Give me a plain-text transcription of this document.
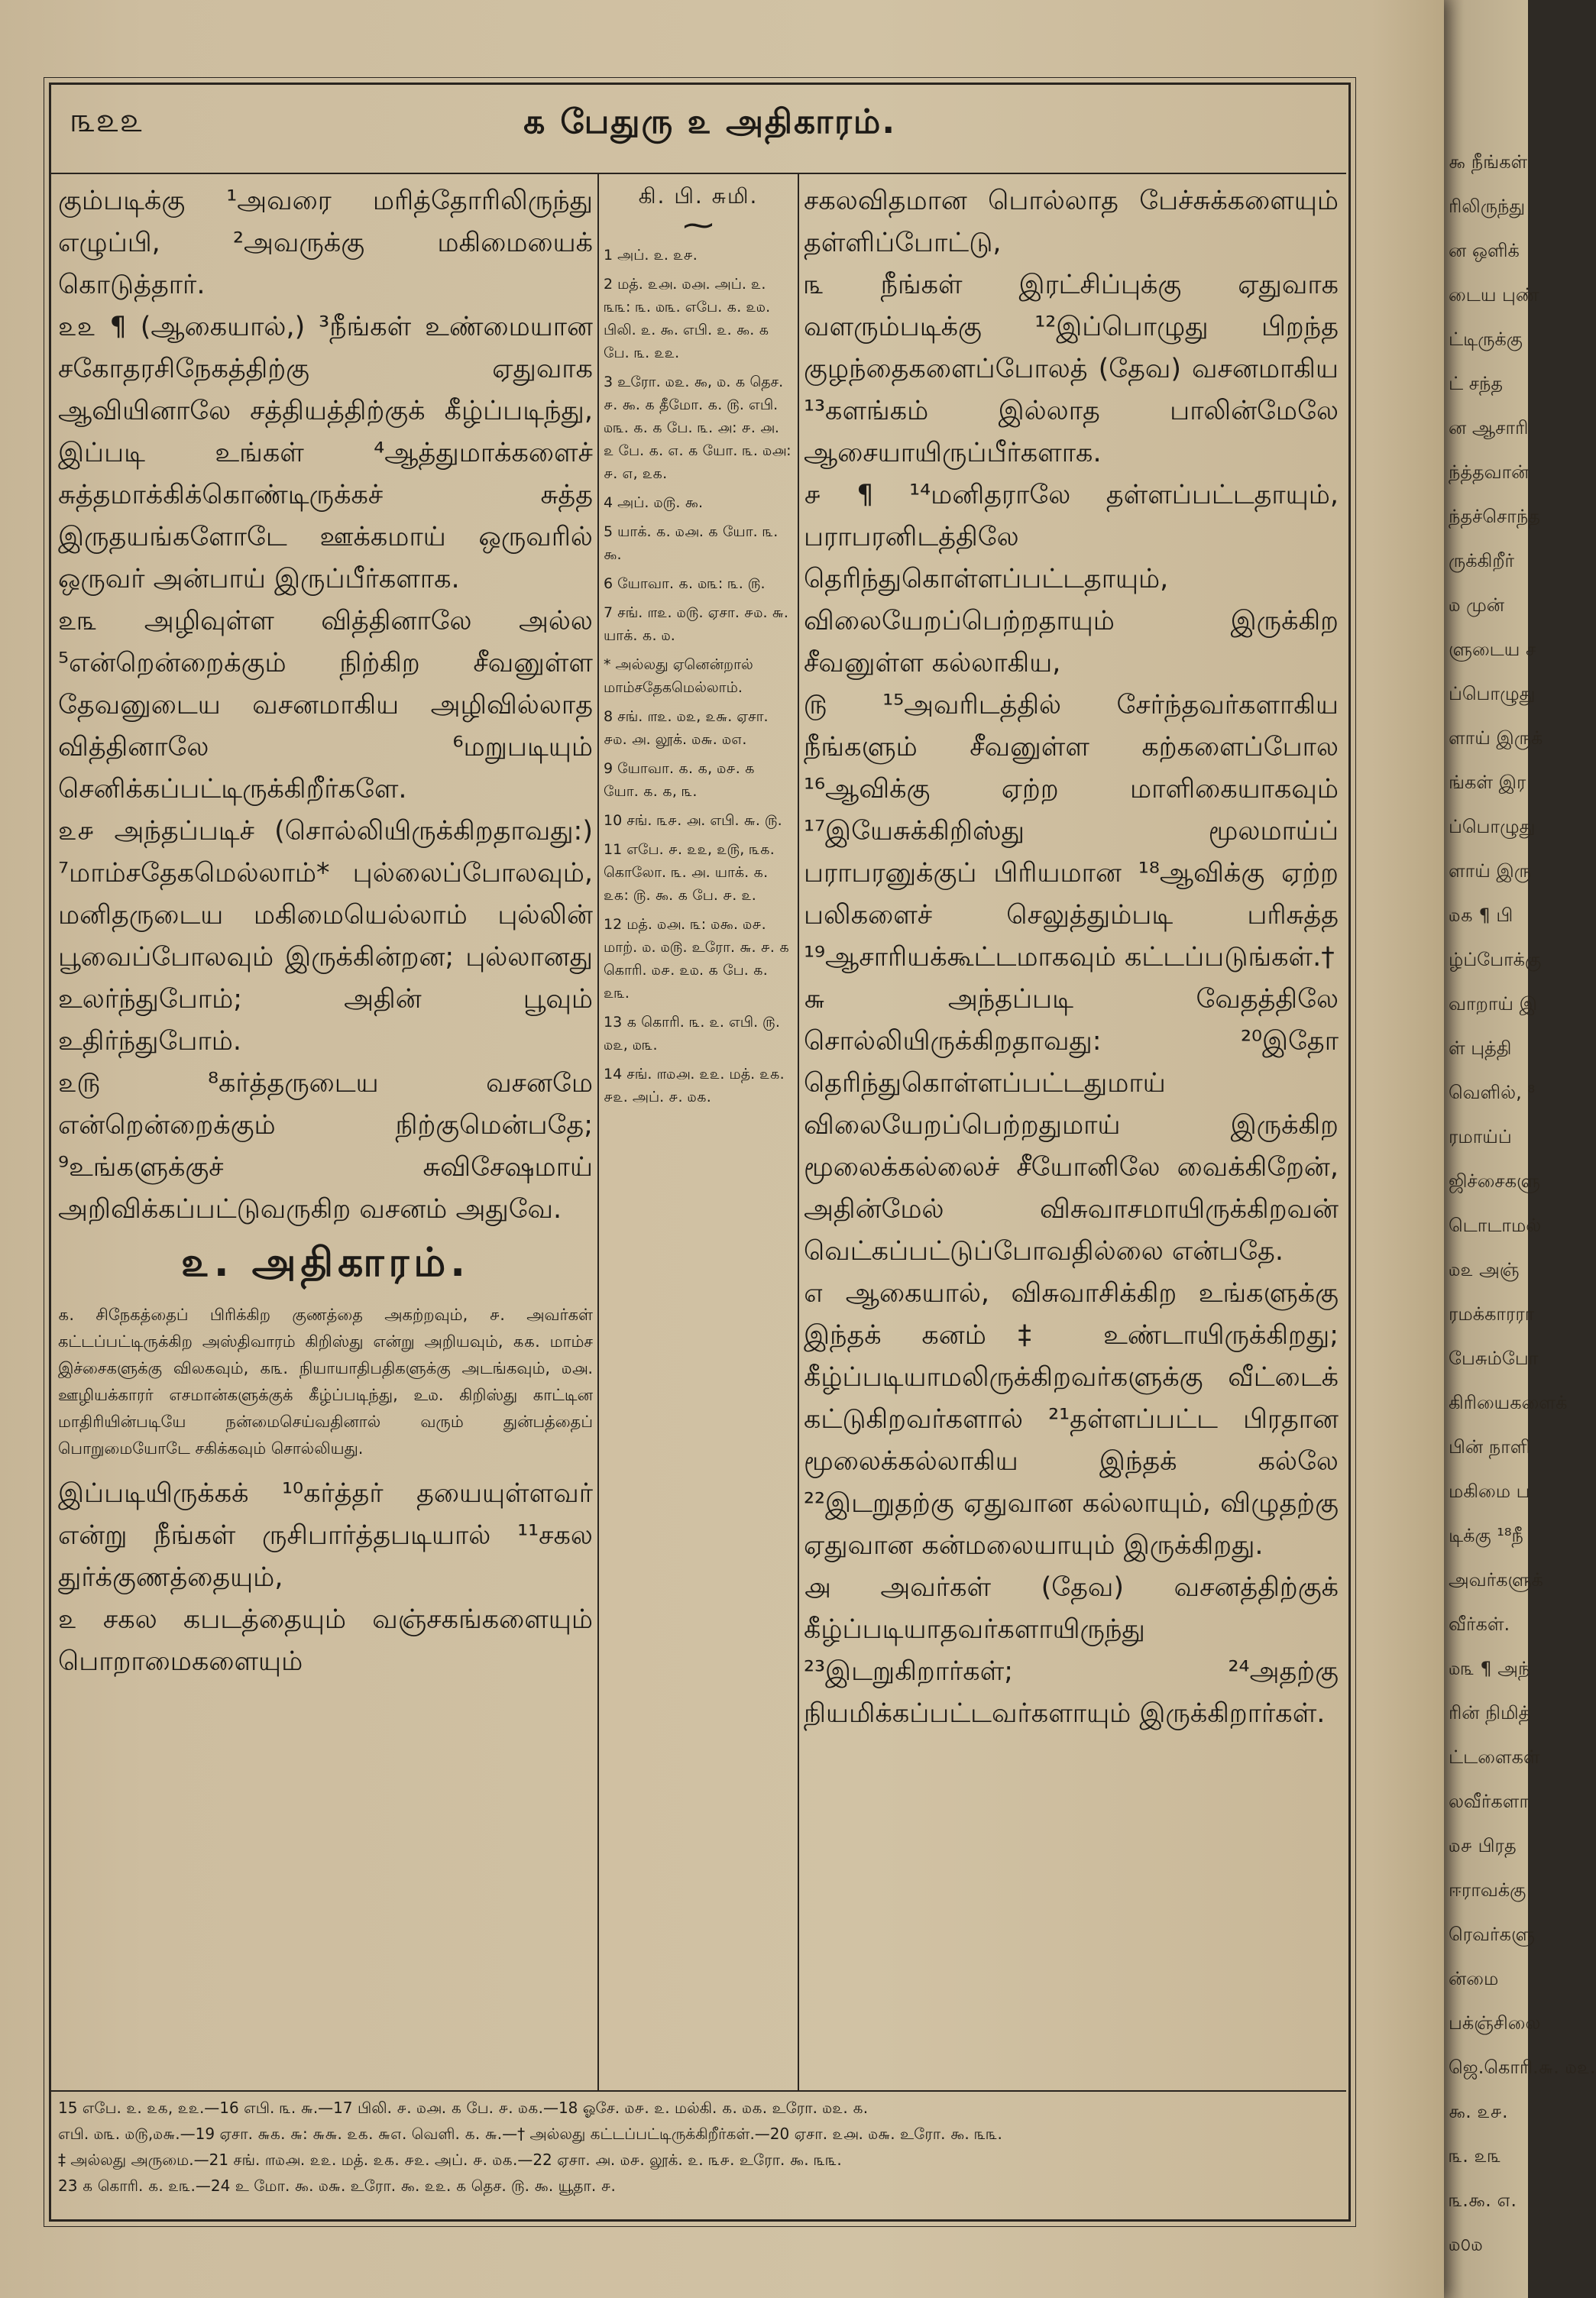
௯ நீங்கள்
ரிலிருந்து
ன ஒளிக்
டைய புண்
ட்டிருக்கு
ட் சந்த
ன ஆசாரி
ந்த்தவான்
ந்தச்சொந்த
ருக்கிறீர்
௰ முன்
ளுடைய ச
ப்பொழுது
ளாய் இருக்
ங்கள் இர
ப்பொழுது
ளாய் இரு
௰௧ ¶ பி
ழ்ப்போக்கு
வாறாய் இ
ள் புத்தி
வெளில், ⁸
ரமாய்ப்
ஜிச்சைகளு
டொடாமல்
௰௨ அஞ்
ரமக்காரரா
பேசும்போ
கிரியைகளைக்
பின் நாளி
மகிமை ப
டிக்கு ¹⁸நீ
அவர்களுக்
வீர்கள்.
௰௩ ¶ அந்
ரின் நிமித்
ட்டளைகள்
லவீர்களா
௰௪ பிரத
ஈராவக்கு
ரெவர்களு
ன்மை
பக்ஞ்சிலை
ஜெ.கொரி.௬. ௰௨.
௯. ௨௪.
௩. ௨௩
௩.௯. ௭.
௰௦௰
௩௨௨	௧ பேதுரு ௨ அதிகாரம்.

கும்படிக்கு ¹அவரை மரித்தோரிலிருந்து எழுப்பி, ²அவருக்கு மகிமையைக் கொடுத்தார்.

௨௨ ¶ (ஆகையால்,) ³நீங்கள் உண்மையான சகோதரசிநேகத்திற்கு ஏதுவாக ஆவியினாலே சத்தியத்திற்குக் கீழ்ப்படிந்து, இப்படி உங்கள் ⁴ஆத்துமாக்களைச் சுத்தமாக்கிக்கொண்டிருக்கச் சுத்த இருதயங்களோடே ஊக்கமாய் ஒருவரில் ஒருவர் அன்பாய் இருப்பீர்களாக.

௨௩ அழிவுள்ள வித்தினாலே அல்ல ⁵என்றென்றைக்கும் நிற்கிற சீவனுள்ள தேவனுடைய வசனமாகிய அழிவில்லாத வித்தினாலே ⁶மறுபடியும் செனிக்கப்பட்டிருக்கிறீர்களே.

௨௪ அந்தப்படிச் (சொல்லியிருக்கிறதாவது:) ⁷மாம்சதேகமெல்லாம்* புல்லைப்போலவும், மனிதருடைய மகிமையெல்லாம் புல்லின் பூவைப்போலவும் இருக்கின்றன; புல்லானது உலர்ந்துபோம்; அதின் பூவும் உதிர்ந்துபோம்.

௨௫ ⁸கர்த்தருடைய வசனமே என்றென்றைக்கும் நிற்குமென்பதே; ⁹உங்களுக்குச் சுவிசேஷமாய் அறிவிக்கப்பட்டுவருகிற வசனம் அதுவே.

௨. அதிகாரம்.

௧. சிநேகத்தைப் பிரிக்கிற குணத்தை அகற்றவும், ௪. அவர்கள் கட்டப்பட்டிருக்கிற அஸ்திவாரம் கிறிஸ்து என்று அறியவும், ௧௧. மாம்ச இச்சைகளுக்கு விலகவும், ௧௩. நியாயாதிபதிகளுக்கு அடங்கவும், ௰௮. ஊழியக்காரர் எசமான்களுக்குக் கீழ்ப்படிந்து, உ௰. கிறிஸ்து காட்டின மாதிரியின்படியே நன்மைசெய்வதினால் வரும் துன்பத்தைப் பொறுமையோடே சகிக்கவும் சொல்லியது.

இப்படியிருக்கக் ¹⁰கர்த்தர் தயையுள்ளவர் என்று நீங்கள் ருசிபார்த்தபடியால் ¹¹சகல துர்க்குணத்தையும்,

௨ சகல கபடத்தையும் வஞ்சகங்களையும் பொறாமைகளையும்

கி. பி. சுமி.
⁓

1 அப். ௨. ௨௪.

2 மத். ௨௮. ௰௮. அப். ௨. ௩௩: ௩. ௰௩. எபே. ௧. ௨௰. பிலி. ௨. ௯. எபி. ௨. ௯. ௧ பே. ௩. ௨௨.

3 உரோ. ௰௨. ௯, ௰. ௧ தெச. ௪. ௯. ௧ தீமோ. ௧. ௫. எபி. ௰௩. ௧. ௧ பே. ௩. ௮: ௪. ௮. ௨ பே. ௧. ௭. ௧ யோ. ௩. ௰௮: ௪. ௭, ௨௧.

4 அப். ௰௫. ௯.

5 யாக். ௧. ௰௮. ௧ யோ. ௩. ௯.

6 யோவா. ௧. ௰௩: ௩. ௫.

7 சங். ௱௨. ௰௫. ஏசா. ௪௰. ௬. யாக். ௧. ௰.

* அல்லது ஏனென்றால் மாம்சதேகமெல்லாம்.

8 சங். ௱௨. ௰௨, ௨௬. ஏசா. ௪௰. ௮. லூக். ௰௬. ௰௭.

9 யோவா. ௧. ௧, ௰௪. ௧ யோ. ௧. ௧, ௩.

10 சங். ௩௪. ௮. எபி. ௬. ௫.

11 எபே. ௪. ௨௨, ௨௫, ௩௧. கொலோ. ௩. ௮. யாக். ௧. ௨௧: ௫. ௯. ௧ பே. ௪. ௨.

12 மத். ௰௮. ௩: ௰௯. ௰௪. மாற். ௰. ௰௫. உரோ. ௬. ௪. ௧ கொரி. ௰௪. ௨௰. ௧ பே. ௧. ௨௩.

13 ௧ கொரி. ௩. ௨. எபி. ௫. ௰௨, ௰௩.

14 சங். ௱௰௮. ௨௨. மத். ௨௧. ௪௨. அப். ௪. ௰௧.

சகலவிதமான பொல்லாத பேச்சுக்களையும் தள்ளிப்போட்டு,

௩ நீங்கள் இரட்சிப்புக்கு ஏதுவாக வளரும்படிக்கு ¹²இப்பொழுது பிறந்த குழந்தைகளைப்போலத் (தேவ) வசனமாகிய ¹³களங்கம் இல்லாத பாலின்மேலே ஆசையாயிருப்பீர்களாக.

௪ ¶ ¹⁴மனிதராலே தள்ளப்பட்டதாயும், பராபரனிடத்திலே தெரிந்துகொள்ளப்பட்டதாயும், விலையேறப்பெற்றதாயும் இருக்கிற சீவனுள்ள கல்லாகிய,

௫ ¹⁵அவரிடத்தில் சேர்ந்தவர்களாகிய நீங்களும் சீவனுள்ள கற்களைப்போல ¹⁶ஆவிக்கு ஏற்ற மாளிகையாகவும் ¹⁷இயேசுக்கிறிஸ்து மூலமாய்ப் பராபரனுக்குப் பிரியமான ¹⁸ஆவிக்கு ஏற்ற பலிகளைச் செலுத்தும்படி பரிசுத்த ¹⁹ஆசாரியக்கூட்டமாகவும் கட்டப்படுங்கள்.†

௬ அந்தப்படி வேதத்திலே சொல்லியிருக்கிறதாவது: ²⁰இதோ தெரிந்துகொள்ளப்பட்டதுமாய் விலையேறப்பெற்றதுமாய் இருக்கிற மூலைக்கல்லைச் சீயோனிலே வைக்கிறேன், அதின்மேல் விசுவாசமாயிருக்கிறவன் வெட்கப்பட்டுப்போவதில்லை என்பதே.

௭ ஆகையால், விசுவாசிக்கிற உங்களுக்கு இந்தக் கனம்‡ உண்டாயிருக்கிறது; கீழ்ப்படியாமலிருக்கிறவர்களுக்கு வீட்டைக் கட்டுகிறவர்களால் ²¹தள்ளப்பட்ட பிரதான மூலைக்கல்லாகிய இந்தக் கல்லே ²²இடறுதற்கு ஏதுவான கல்லாயும், விழுதற்கு ஏதுவான கன்மலையாயும் இருக்கிறது.

௮ அவர்கள் (தேவ) வசனத்திற்குக் கீழ்ப்படியாதவர்களாயிருந்து ²³இடறுகிறார்கள்; ²⁴அதற்கு நியமிக்கப்பட்டவர்களாயும் இருக்கிறார்கள்.

15 எபே. ௨. ௨௧, ௨௨.—16 எபி. ௩. ௬.—17 பிலி. ௪. ௰௮. ௧ பே. ௪. ௰௧.—18 ஓசே. ௰௪. ௨. மல்கி. ௧. ௰௧. உரோ. ௰௨. ௧.

எபி. ௰௩. ௰௫,௰௬.—19 ஏசா. ௬௧. ௬: ௬௬. ௨௧. ௬௭. வெளி. ௧. ௬.—† அல்லது கட்டப்பட்டிருக்கிறீர்கள்.—20 ஏசா. ௨௮. ௰௬. உரோ. ௯. ௩௩.

‡ அல்லது அருமை.—21 சங். ௱௰௮. ௨௨. மத். ௨௧. ௪௨. அப். ௪. ௰௧.—22 ஏசா. ௮. ௰௪. லூக். ௨. ௩௪. உரோ. ௯. ௩௩.

23 ௧ கொரி. ௧. ௨௩.—24 உ மோ. ௯. ௰௬. உரோ. ௯. ௨௨. ௧ தெச. ௫. ௯. யூதா. ௪.
